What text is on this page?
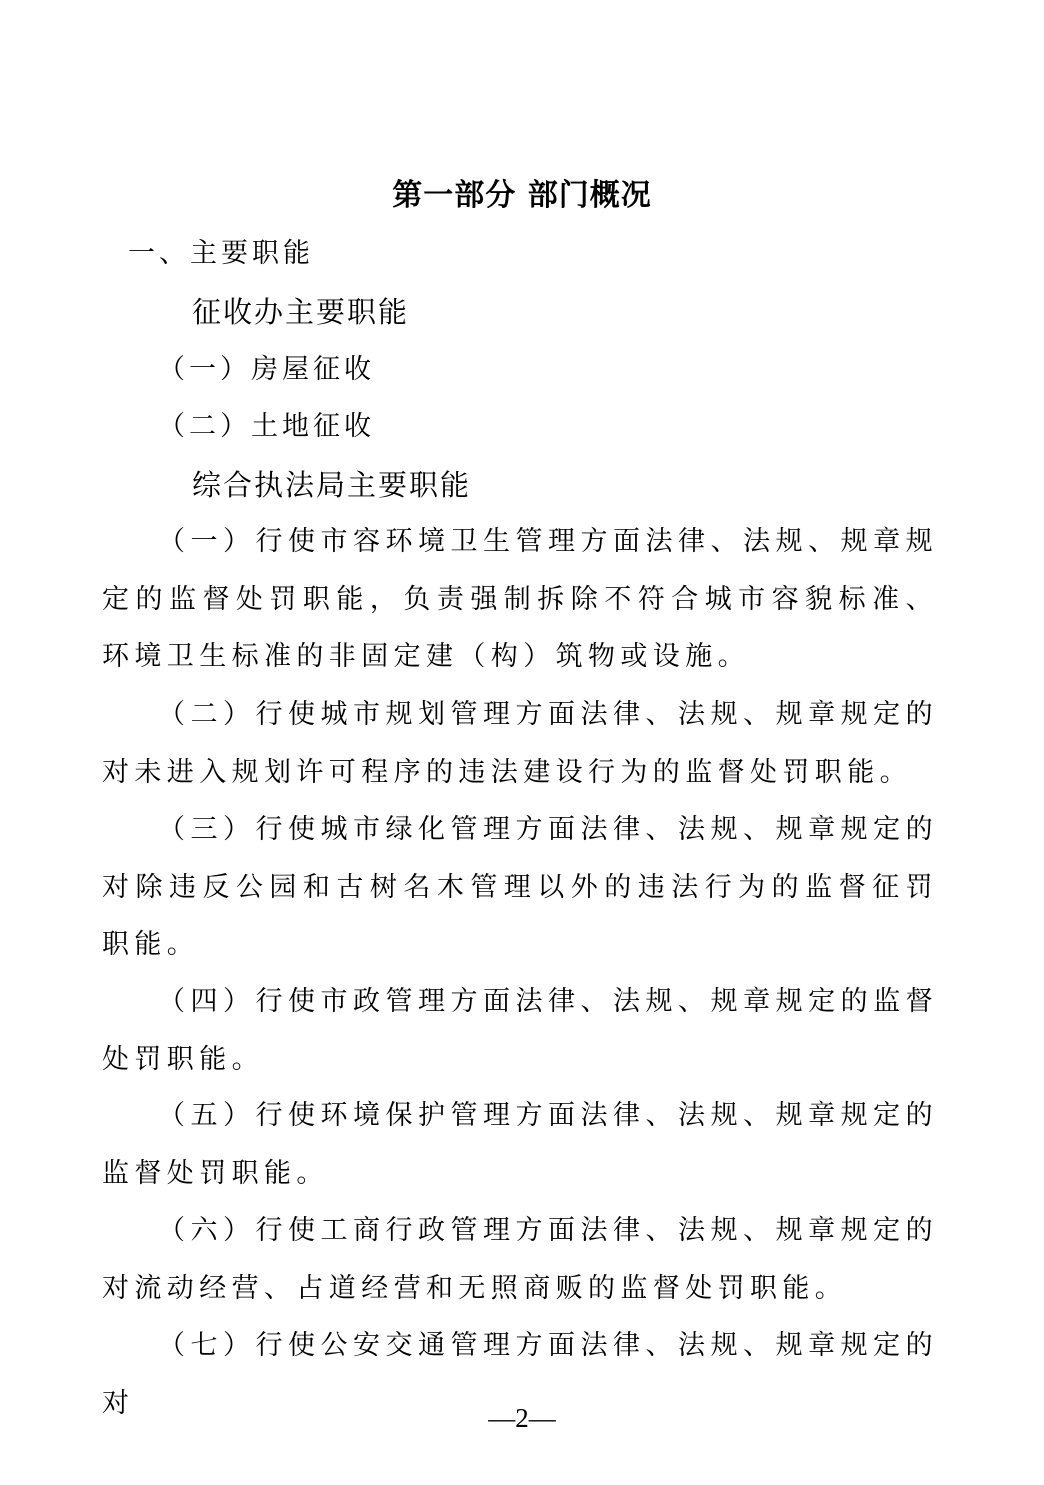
第一部分 部门概况
一、主要职能
征收办主要职能
（一）房屋征收
（二）土地征收
综合执法局主要职能

（一）行使市容环境卫生管理方面法律、法规、规章规定的监督处罚职能，负责强制拆除不符合城市容貌标准、环境卫生标准的非固定建（构）筑物或设施。

（二）行使城市规划管理方面法律、法规、规章规定的对未进入规划许可程序的违法建设行为的监督处罚职能。

（三）行使城市绿化管理方面法律、法规、规章规定的对除违反公园和古树名木管理以外的违法行为的监督征罚职能。

（四）行使市政管理方面法律、法规、规章规定的监督处罚职能。

（五）行使环境保护管理方面法律、法规、规章规定的监督处罚职能。

（六）行使工商行政管理方面法律、法规、规章规定的对流动经营、占道经营和无照商贩的监督处罚职能。

（七）行使公安交通管理方面法律、法规、规章规定的对	—2—
